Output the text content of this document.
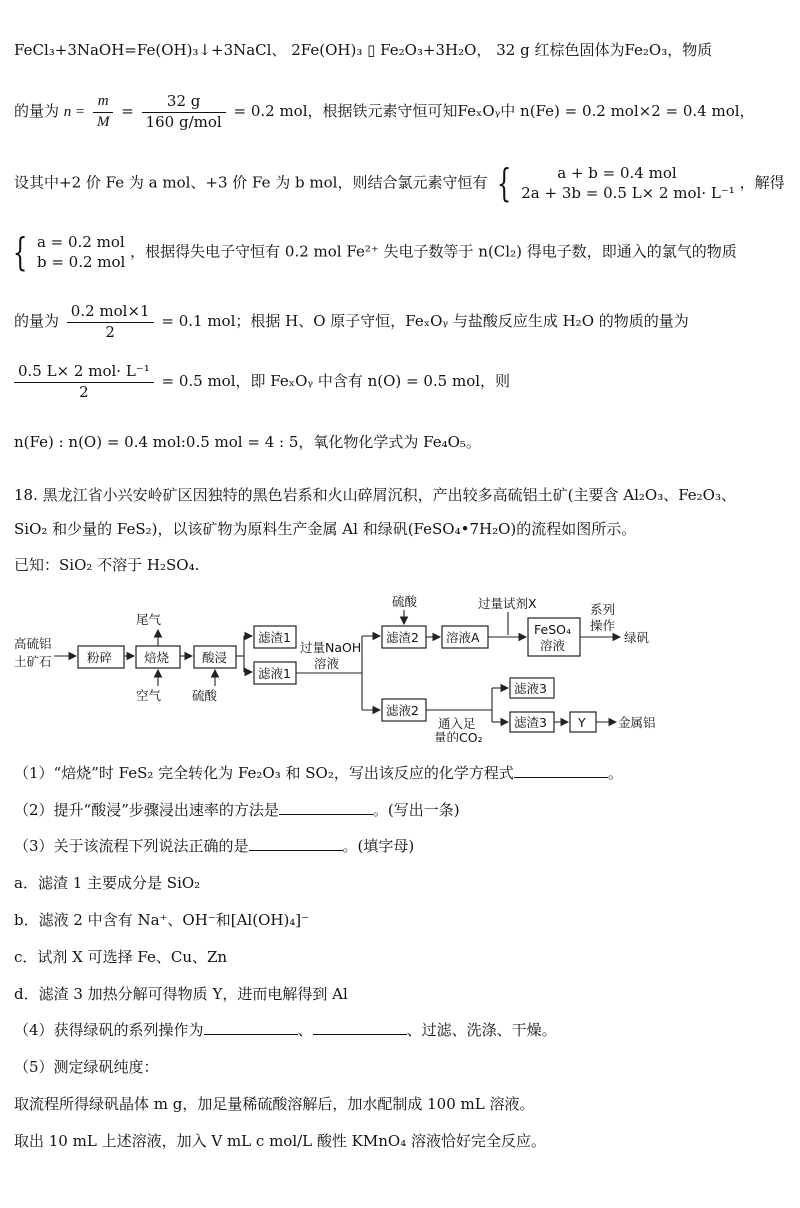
FeCl₃+3NaOH=Fe(OH)₃↓+3NaCl、 2Fe(OH)₃ ▯ Fe₂O₃+3H₂O， 32 g 红棕色固体为Fe₂O₃，物质
的量为 $n = \frac{m}{M} = \frac{32 g}{\text{160 g/mol}} = 0.2$ mol，根据铁元素守恒可知FeₓOᵧ中 n(Fe) = 0.2 mol×2 = 0.4 mol，
设其中+2 价 Fe 为 a mol、+3 价 Fe 为 b mol，则结合氯元素守恒有 {	a + b = 0.4 mol
2a + 3b = 0.5 L× 2 mol· L⁻¹
，解得
{ a = 0.2 mol
b = 0.2 mol
，根据得失电子守恒有 0.2 mol Fe²⁺ 失电子数等于 n(Cl₂) 得电子数，即通入的氯气的物质
的量为 $\frac{\text{0.2 mol×1}}{2} = 0.1$ mol；根据 H、O 原子守恒，FeₓOᵧ 与盐酸反应生成 H₂O 的物质的量为
$\frac{\text{0.5 L× 2 mol· L⁻¹}}{2} = 0.5$ mol，即 FeₓOᵧ 中含有 n(O) = 0.5 mol，则
n(Fe) : n(O) = 0.4 mol:0.5 mol = 4 : 5，氧化物化学式为 Fe₄O₅。
18. 黑龙江省小兴安岭矿区因独特的黑色岩系和火山碎屑沉积，产出较多高硫铝土矿(主要含 Al₂O₃、Fe₂O₃、
SiO₂ 和少量的 FeS₂)，以该矿物为原料生产金属 Al 和绿矾(FeSO₄•7H₂O)的流程如图所示。
已知：SiO₂ 不溶于 H₂SO₄.
高硫铝
土矿石	粉碎	焙烧
尾气
空气
酸浸
硫酸
滤渣1
滤液1
过量NaOH
溶液
滤渣2
硫酸
溶液A
过量试剂X
FeSO₄
溶液
系列
操作
绿矾
滤液2
通入足
量的CO₂
滤液3
滤渣3 Y	金属铝
（1）“焙烧”时 FeS₂ 完全转化为 Fe₂O₃ 和 SO₂，写出该反应的化学方程式	。
（2）提升“酸浸”步骤浸出速率的方法是	。(写出一条)
（3）关于该流程下列说法正确的是	。(填字母)
a．滤渣 1 主要成分是 SiO₂
b．滤液 2 中含有 Na⁺、OH⁻和[Al(OH)₄]⁻
c．试剂 X 可选择 Fe、Cu、Zn
d．滤渣 3 加热分解可得物质 Y，进而电解得到 Al
（4）获得绿矾的系列操作为	、	、过滤、洗涤、干燥。
（5）测定绿矾纯度：
取流程所得绿矾晶体 m g，加足量稀硫酸溶解后，加水配制成 100 mL 溶液。
取出 10 mL 上述溶液，加入 V mL c mol/L 酸性 KMnO₄ 溶液恰好完全反应。
